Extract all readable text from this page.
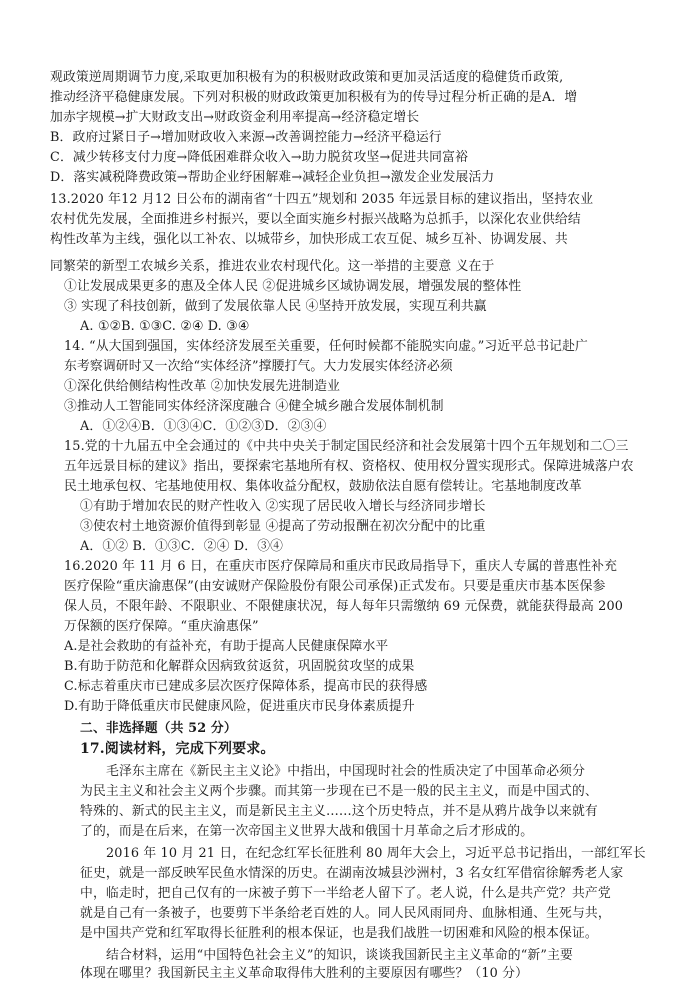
观政策逆周期调节力度,采取更加积极有为的积极财政政策和更加灵活适度的稳健货币政策,
推动经济平稳健康发展。下列对积极的财政政策更加积极有为的传导过程分析正确的是A．增
加赤字规模→扩大财政支出→财政资金利用率提高→经济稳定增长
B．政府过紧日子→增加财政收入来源→改善调控能力→经济平稳运行
C．减少转移支付力度→降低困难群众收入→助力脱贫攻坚→促进共同富裕
D．落实减税降费政策→帮助企业纾困解难→减轻企业负担→激发企业发展活力
13.2020 年12 月12 日公布的湖南省“十四五”规划和 2035 年远景目标的建议指出，坚持农业
农村优先发展，全面推进乡村振兴，要以全面实施乡村振兴战略为总抓手，以深化农业供给结
构性改革为主线，强化以工补农、以城带乡，加快形成工农互促、城乡互补、协调发展、共
同繁荣的新型工农城乡关系，推进农业农村现代化。这一举措的主要意 义在于
①让发展成果更多的惠及全体人民 ②促进城乡区域协调发展，增强发展的整体性
③ 实现了科技创新，做到了发展依靠人民 ④坚持开放发展，实现互利共赢
A. ①②B. ①③C. ②④ D. ③④
14. “从大国到强国，实体经济发展至关重要，任何时候都不能脱实向虚。”习近平总书记赴广
东考察调研时又一次给“实体经济”撑腰打气。大力发展实体经济必须
①深化供给侧结构性改革 ②加快发展先进制造业
③推动人工智能同实体经济深度融合 ④健全城乡融合发展体制机制
A．①②④B．①③④C．①②③D．②③④
15.党的十九届五中全会通过的《中共中央关于制定国民经济和社会发展第十四个五年规划和二〇三
五年远景目标的建议》指出，要探索宅基地所有权、资格权、使用权分置实现形式。保障进城落户农
民土地承包权、宅基地使用权、集体收益分配权，鼓励依法自愿有偿转让。宅基地制度改革
①有助于增加农民的财产性收入 ②实现了居民收入增长与经济同步增长
③使农村土地资源价值得到彰显 ④提高了劳动报酬在初次分配中的比重
A．①② B．①③C．②④ D．③④
16.2020 年 11 月 6 日，在重庆市医疗保障局和重庆市民政局指导下，重庆人专属的普惠性补充
医疗保险“重庆渝惠保”(由安诚财产保险股份有限公司承保)正式发布。只要是重庆市基本医保参
保人员，不限年龄、不限职业、不限健康状况，每人每年只需缴纳 69 元保费，就能获得最高 200
万保额的医疗保障。“重庆渝惠保”
A.是社会救助的有益补充，有助于提高人民健康保障水平
B.有助于防范和化解群众因病致贫返贫，巩固脱贫攻坚的成果
C.标志着重庆市已建成多层次医疗保障体系，提高市民的获得感
D.有助于降低重庆市民健康风险，促进重庆市民身体素质提升
二、非选择题（共 52 分）
17.阅读材料，完成下列要求。
毛泽东主席在《新民主主义论》中指出，中国现时社会的性质决定了中国革命必须分
为民主主义和社会主义两个步骤。而其第一步现在已不是一般的民主主义，而是中国式的、
特殊的、新式的民主主义，而是新民主主义……这个历史特点，并不是从鸦片战争以来就有
了的，而是在后来，在第一次帝国主义世界大战和俄国十月革命之后才形成的。
2016 年 10 月 21 日，在纪念红军长征胜利 80 周年大会上，习近平总书记指出，一部红军长
征史，就是一部反映军民鱼水情深的历史。在湖南汝城县沙洲村，3 名女红军借宿徐解秀老人家
中，临走时，把自己仅有的一床被子剪下一半给老人留下了。老人说，什么是共产党？共产党
就是自己有一条被子，也要剪下半条给老百姓的人。同人民风雨同舟、血脉相通、生死与共，
是中国共产党和红军取得长征胜利的根本保证，也是我们战胜一切困难和风险的根本保证。
结合材料，运用“中国特色社会主义”的知识，谈谈我国新民主主义革命的“新”主要
体现在哪里？我国新民主主义革命取得伟大胜利的主要原因有哪些？（10 分）
